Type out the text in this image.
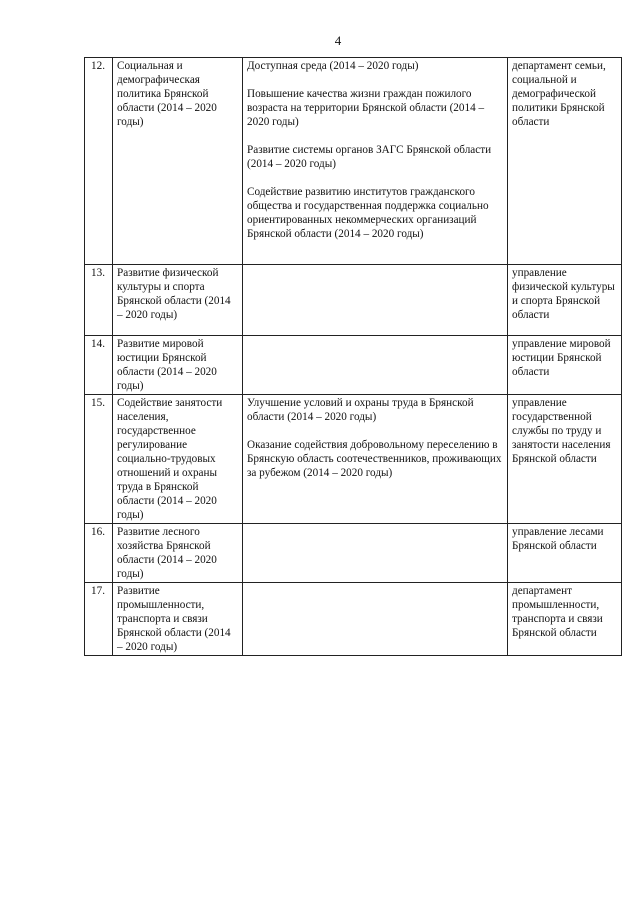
4
12.	Социальная и демографическая политика Брянской области (2014 – 2020 годы)	Доступная среда (2014 – 2020 годы)
Повышение качества жизни граждан пожилого возраста на территории Брянской области (2014 – 2020 годы)
Развитие системы органов ЗАГС Брянской области (2014 – 2020 годы)
Содействие развитию институтов гражданского общества и государственная поддержка социально ориентированных некоммерческих организаций Брянской области (2014 – 2020 годы)	департамент семьи, социальной и демографической политики Брянской области
13.	Развитие физической культуры и спорта Брянской области (2014 – 2020 годы)		управление физической культуры и спорта Брянской области
14.	Развитие мировой юстиции Брянской области (2014 – 2020 годы)		управление мировой юстиции Брянской области
15.	Содействие занятости населения, государственное регулирование социально-трудовых отношений и охраны труда в Брянской области (2014 – 2020 годы)	Улучшение условий и охраны труда в Брянской области (2014 – 2020 годы)
Оказание содействия добровольному переселению в Брянскую область соотечественников, проживающих за рубежом (2014 – 2020 годы)	управление государственной службы по труду и занятости населения Брянской области
16.	Развитие лесного хозяйства Брянской области (2014 – 2020 годы)		управление лесами Брянской области
17.	Развитие промышленности, транспорта и связи Брянской области (2014 – 2020 годы)		департамент промышленности, транспорта и связи Брянской области
